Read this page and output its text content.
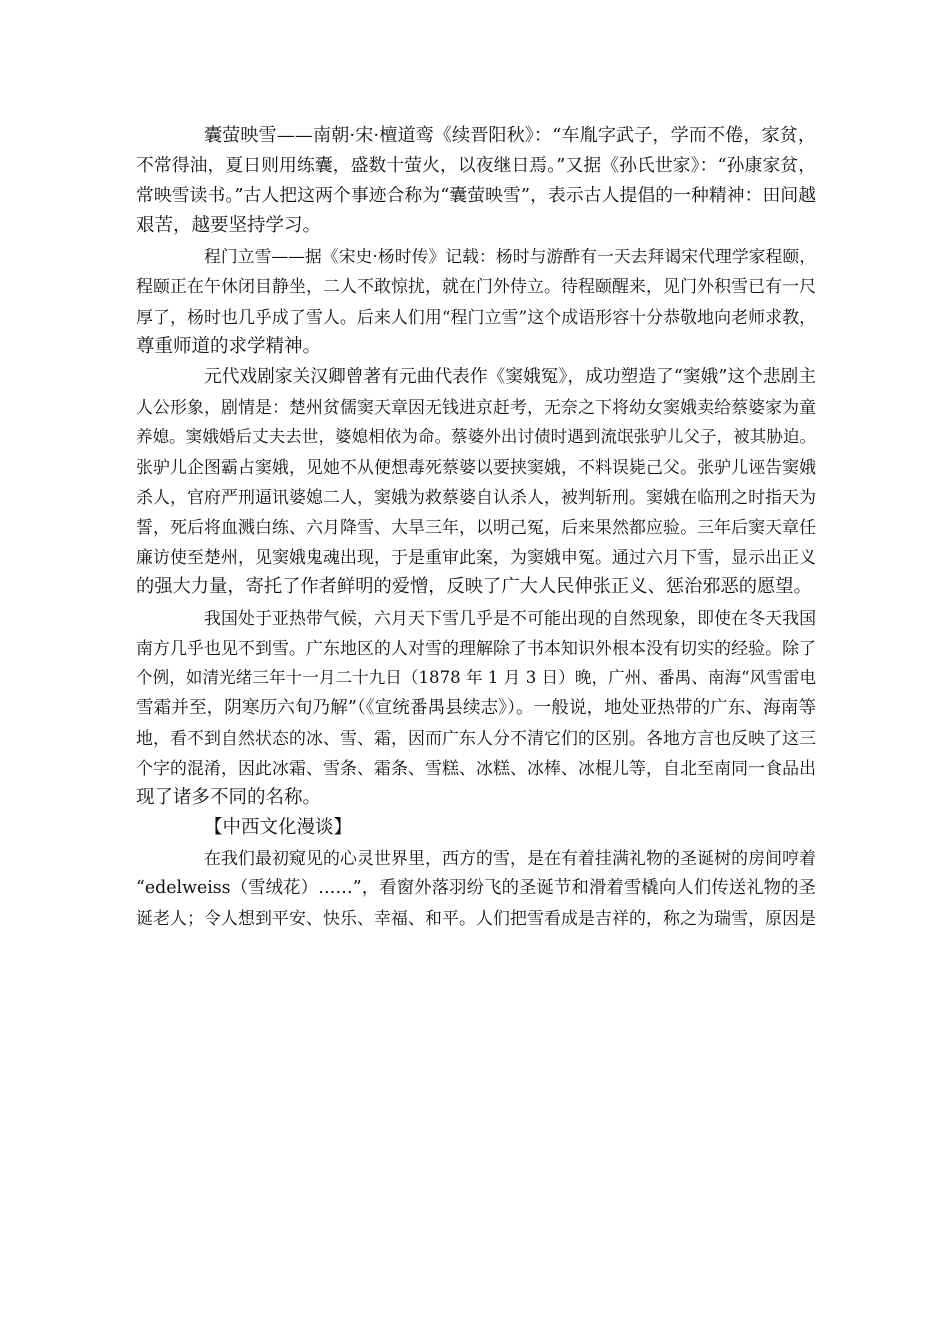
囊萤映雪——南朝·宋·檀道鸾《续晋阳秋》：“车胤字武子，学而不倦，家贫，
不常得油，夏日则用练囊，盛数十萤火，以夜继日焉。”又据《孙氏世家》：“孙康家贫，
常映雪读书。”古人把这两个事迹合称为“囊萤映雪”，表示古人提倡的一种精神：田间越
艰苦，越要坚持学习。
程门立雪——据《宋史·杨时传》记载：杨时与游酢有一天去拜谒宋代理学家程颐，
程颐正在午休闭目静坐，二人不敢惊扰，就在门外侍立。待程颐醒来，见门外积雪已有一尺
厚了，杨时也几乎成了雪人。后来人们用“程门立雪”这个成语形容十分恭敬地向老师求教，
尊重师道的求学精神。
元代戏剧家关汉卿曾著有元曲代表作《窦娥冤》，成功塑造了“窦娥”这个悲剧主
人公形象，剧情是：楚州贫儒窦天章因无钱进京赶考，无奈之下将幼女窦娥卖给蔡婆家为童
养媳。窦娥婚后丈夫去世，婆媳相依为命。蔡婆外出讨债时遇到流氓张驴儿父子，被其胁迫。
张驴儿企图霸占窦娥，见她不从便想毒死蔡婆以要挟窦娥，不料误毙己父。张驴儿诬告窦娥
杀人，官府严刑逼讯婆媳二人，窦娥为救蔡婆自认杀人，被判斩刑。窦娥在临刑之时指天为
誓，死后将血溅白练、六月降雪、大旱三年，以明己冤，后来果然都应验。三年后窦天章任
廉访使至楚州，见窦娥鬼魂出现，于是重审此案，为窦娥申冤。通过六月下雪，显示出正义
的强大力量，寄托了作者鲜明的爱憎，反映了广大人民伸张正义、惩治邪恶的愿望。
我国处于亚热带气候，六月天下雪几乎是不可能出现的自然现象，即使在冬天我国
南方几乎也见不到雪。广东地区的人对雪的理解除了书本知识外根本没有切实的经验。除了
个例，如清光绪三年十一月二十九日（1878 年 1 月 3 日）晚，广州、番禺、南海“风雪雷电
雪霜并至，阴寒历六旬乃解”（《宣统番禺县续志》）。一般说，地处亚热带的广东、海南等
地，看不到自然状态的冰、雪、霜，因而广东人分不清它们的区别。各地方言也反映了这三
个字的混淆，因此冰霜、雪条、霜条、雪糕、冰糕、冰棒、冰棍儿等，自北至南同一食品出
现了诸多不同的名称。
【中西文化漫谈】
在我们最初窥见的心灵世界里，西方的雪，是在有着挂满礼物的圣诞树的房间哼着
“edelweiss（雪绒花）……”，看窗外落羽纷飞的圣诞节和滑着雪橇向人们传送礼物的圣
诞老人；令人想到平安、快乐、幸福、和平。人们把雪看成是吉祥的，称之为瑞雪，原因是
